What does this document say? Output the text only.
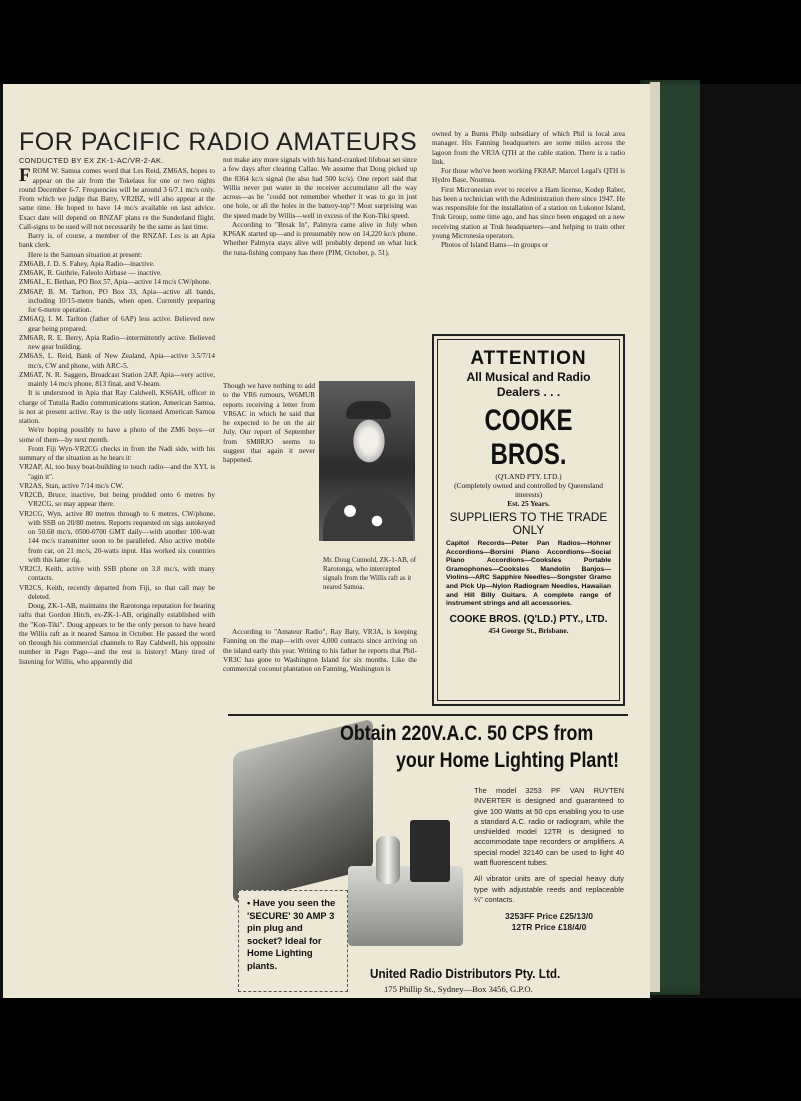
FOR PACIFIC RADIO AMATEURS

CONDUCTED BY EX ZK-1-AC/VR-2-AK.

FROM W. Samoa comes word that Les Reid, ZM6AS, hopes to appear on the air from the Tokelaus for one or two nights round December 6-7. Frequencies will be around 3 6/7.1 mc/s only. From which we judge that Barry, VR2BZ, will also appear at the same time. He hoped to have 14 mc/s available on last advice. Exact date will depend on RNZAF plans re the Sunderland flight. Call-signs to be used will not necessarily be the same as last time.

Barry is, of course, a member of the RNZAF. Les is an Apia bank clerk.

Here is the Samoan situation at present:

ZM6AB, J. D. S. Fahey, Apia Radio—inactive.

ZM6AK, R. Guthrie, Faleolo Airbase — inactive.

ZM6AL, E. Bethan, PO Box 57, Apia—active 14 mc/s CW/phone.

ZM6AP, B. M. Tarlton, PO Box 33, Apia—active all bands, including 10/15-metre bands, when open. Currently preparing for 6-metre operation.

ZM6AQ, I. M. Tarlton (father of 6AP) less active. Believed new gear being prepared.

ZM6AR, R. E. Berry, Apia Radio—intermittently active. Believed new gear building.

ZM6AS, L. Reid, Bank of New Zealand, Apia—active 3.5/7/14 mc/s, CW and phone, with ARC-5.

ZM6AT, N. R. Saggers, Broadcast Station 2AP, Apia—very active, mainly 14 mc/s phone, 813 final, and V-beam.

It is understood in Apia that Ray Caldwell, KS6AH, officer in charge of Tutuila Radio communications station, American Samoa, is not at present active. Ray is the only licensed American Samoa station.

We're hoping possibly to have a photo of the ZM6 boys—or some of them—by next month.

From Fiji Wyn-VR2CG checks in from the Nadi side, with his summary of the situation as he hears it:

VR2AP, Al, too busy boat-building to touch radio—and the XYL is "agin it".

VR2AS, Stan, active 7/14 mc/s CW.

VR2CB, Bruce, inactive, but being prodded onto 6 metres by VR2CG, so may appear there.

VR2CG, Wyn, active 80 metres through to 6 metres, CW/phone, with SSB on 20/80 metres. Reports requested on sigs autokeyed on 50.68 mc/s, 0500-0700 GMT daily—with another 100-watt 144 mc/s transmitter soon to be paralleled. Also active mobile from car, on 21 mc/s, 20-watts input. Has worked six countries with this latter rig.

VR2CJ, Keith, active with SSB phone on 3.8 mc/s, with many contacts.

VR2CS, Keith, recently departed from Fiji, so that call may be deleted.

Doug, ZK-1-AB, maintains the Rarotonga reputation for hearing rafts that Gordon Hitch, ex-ZK-1-AB, originally established with the "Kon-Tiki". Doug appears to be the only person to have heard the Willis raft as it neared Samoa in October. He passed the word on through his commercial channels to Ray Caldwell, his opposite number in Pago Pago—and the rest is history! Many tired of listening for Willis, who apparently did

not make any more signals with his hand-cranked lifeboat set since a few days after clearing Callao. We assume that Doug picked up the 8364 kc/s signal (he also had 500 kc/s). One report said that Willis never put water in the receiver accumulator all the way across—as he "could not remember whether it was to go in just one hole, or all the holes in the battery-top"! Most surprising was the speed made by Willis—well in excess of the Kon-Tiki speed.

According to "Break In", Palmyra came alive in July when KP6AK started up—and is presumably now on 14,220 kc/s phone. Whether Palmyra stays alive will probably depend on what luck the tuna-fishing company has there (PIM, October, p. 51).

Though we have nothing to add to the VR6 rumours, W6MUR reports receiving a letter from VR6AC in which he said that he expected to be on the air July. Our report of September from SM8RJO seems to suggest that again it never happened.

According to "Amateur Radio", Ray Baty, VR3A, is keeping Fanning on the map—with over 4,000 contacts since arriving on the island early this year. Writing to his father he reports that Phil-VR3C has gone to Washington Island for six months. Like the commercial coconut plantation on Fanning, Washington is

Mr. Doug Cunnold, ZK-1-AB, of Rarotonga, who intercepted signals from the Willis raft as it neared Samoa.

owned by a Burns Philp subsidiary of which Phil is local area manager. His Fanning headquarters are some miles across the lagoon from the VR3A QTH at the cable station. There is a radio link.

For those who've been working FK8AP, Marcel Legal's QTH is Hydro Base, Noumea.

First Micronesian ever to receive a Ham license, Kodep Raber, has been a technician with the Administration there since 1947. He was responsible for the installation of a station on Lukonor Island, Truk Group, some time ago, and has since been engaged on a new receiving station at Truk headquarters—and helping to train other young Micronesia operators.

Photos of Island Hams—in groups or

ATTENTION
All Musical and Radio Dealers . . .
COOKE BROS.
(Q'LAND PTY. LTD.)
(Completely owned and controlled by Queensland interests)
Est. 25 Years.
SUPPLIERS TO THE TRADE ONLY
Capitol Records—Peter Pan Radios—Hohner Accordions—Borsini Piano Accordions—Social Piano Accordions—Cooksles Portable Gramophones—Cooksles Mandolin Banjos—Violins—ARC Sapphire Needles—Songster Gramo and Pick Up—Nylon Radiogram Needles, Hawaiian and Hill Billy Guitars. A complete range of instrument strings and all accessories.
COOKE BROS. (Q'LD.) PTY., LTD.
454 George St., Brisbane.
Obtain 220V.A.C. 50 CPS from
your Home Lighting Plant!

The model 3253 PF VAN RUYTEN INVERTER is designed and guaranteed to give 100 Watts at 50 cps enabling you to use a standard A.C. radio or radiogram, while the unshielded model 12TR is designed to accommodate tape recorders or amplifiers. A special model 32140 can be used to light 40 watt fluorescent tubes.

All vibrator units are of special heavy duty type with adjustable reeds and replaceable ¼" contacts.

3253FF Price £25/13/0
12TR Price £18/4/0
• Have you seen the 'SECURE' 30 AMP 3 pin plug and socket? Ideal for Home Lighting plants.
United Radio Distributors Pty. Ltd.
175 Phillip St., Sydney—Box 3456, G.P.O.
